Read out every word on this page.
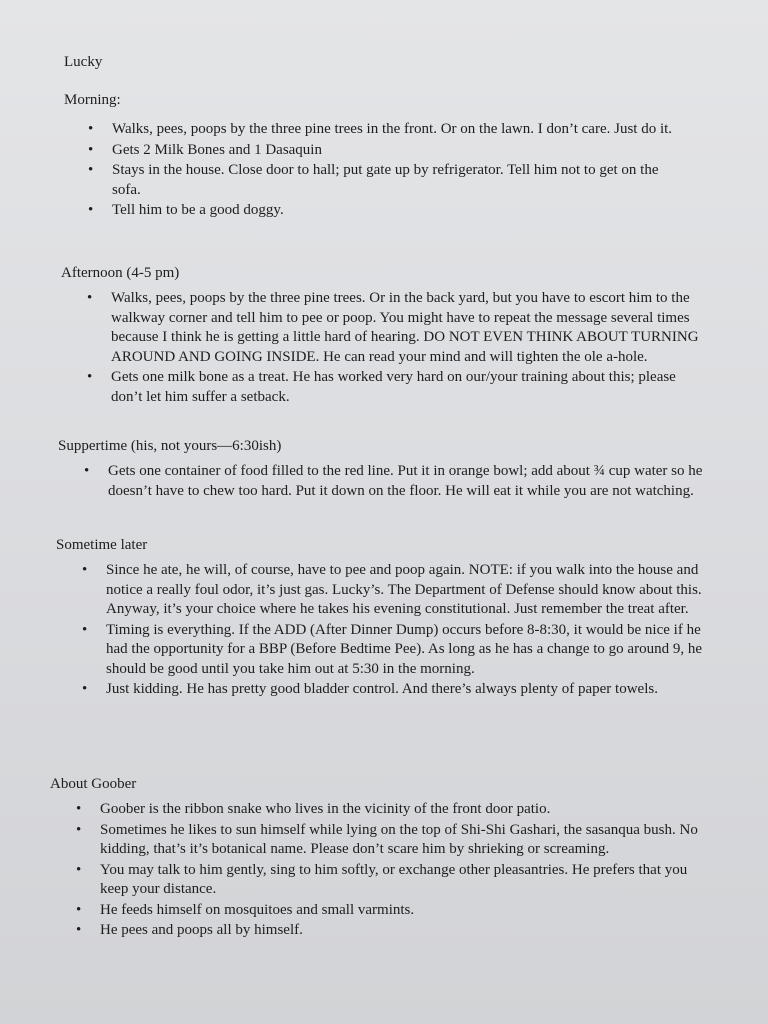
Lucky
Morning:
• Walks, pees, poops by the three pine trees in the front. Or on the lawn. I don’t care. Just do it.
• Gets 2 Milk Bones and 1 Dasaquin
• Stays in the house. Close door to hall; put gate up by refrigerator. Tell him not to get on the sofa.
• Tell him to be a good doggy.
Afternoon (4-5 pm)
• Walks, pees, poops by the three pine trees. Or in the back yard, but you have to escort him to the walkway corner and tell him to pee or poop. You might have to repeat the message several times because I think he is getting a little hard of hearing. DO NOT EVEN THINK ABOUT TURNING AROUND AND GOING INSIDE. He can read your mind and will tighten the ole a-hole.
• Gets one milk bone as a treat. He has worked very hard on our/your training about this; please don’t let him suffer a setback.
Suppertime (his, not yours—6:30ish)
• Gets one container of food filled to the red line. Put it in orange bowl; add about ¾ cup water so he doesn’t have to chew too hard. Put it down on the floor. He will eat it while you are not watching.
Sometime later
• Since he ate, he will, of course, have to pee and poop again. NOTE: if you walk into the house and notice a really foul odor, it’s just gas. Lucky’s. The Department of Defense should know about this. Anyway, it’s your choice where he takes his evening constitutional. Just remember the treat after.
• Timing is everything. If the ADD (After Dinner Dump) occurs before 8-8:30, it would be nice if he had the opportunity for a BBP (Before Bedtime Pee). As long as he has a change to go around 9, he should be good until you take him out at 5:30 in the morning.
• Just kidding. He has pretty good bladder control. And there’s always plenty of paper towels.
About Goober
• Goober is the ribbon snake who lives in the vicinity of the front door patio.
• Sometimes he likes to sun himself while lying on the top of Shi-Shi Gashari, the sasanqua bush. No kidding, that’s it’s botanical name. Please don’t scare him by shrieking or screaming.
• You may talk to him gently, sing to him softly, or exchange other pleasantries. He prefers that you keep your distance.
• He feeds himself on mosquitoes and small varmints.
• He pees and poops all by himself.
